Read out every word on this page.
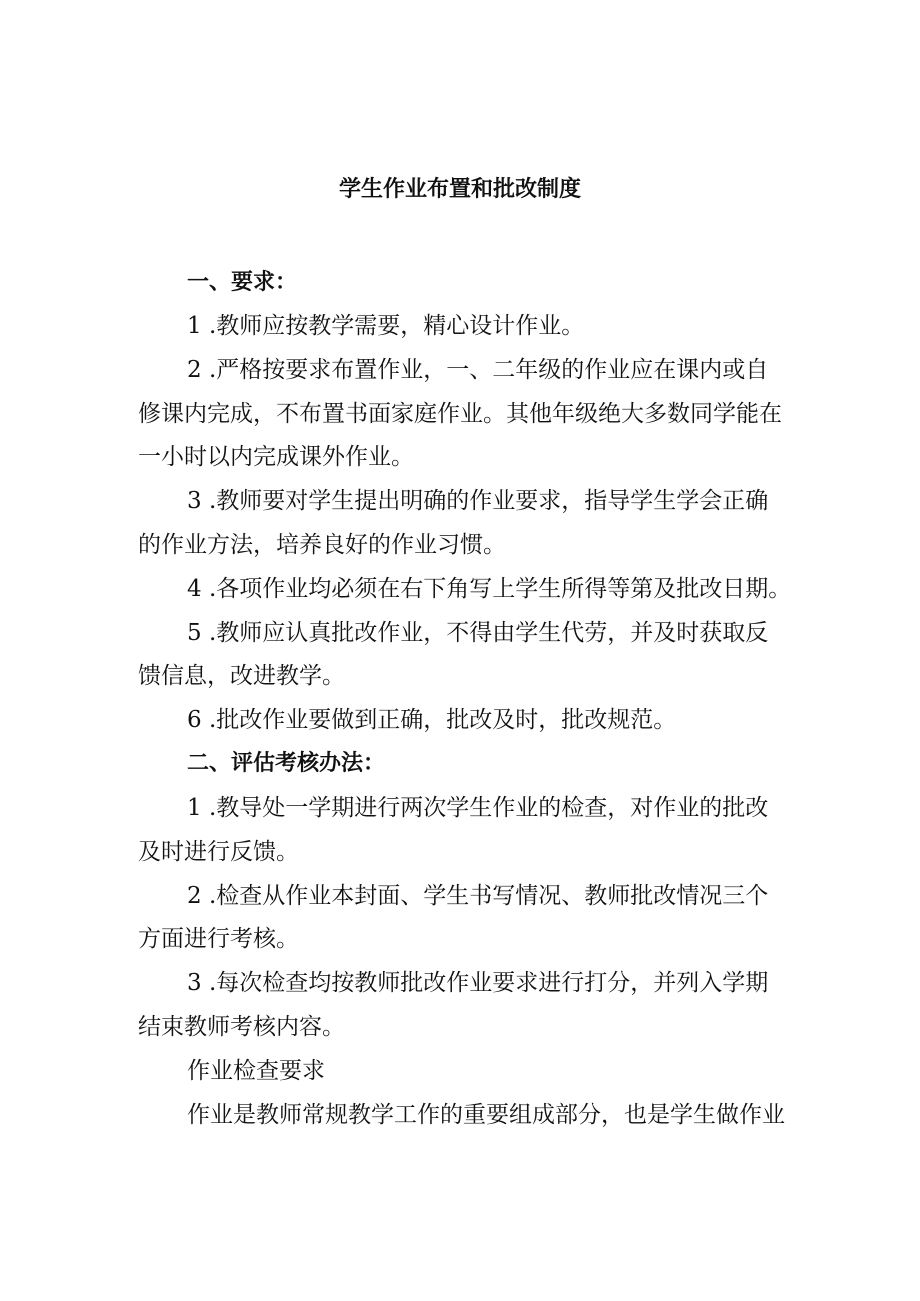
学生作业布置和批改制度
一、要求：
1 .教师应按教学需要，精心设计作业。
2 .严格按要求布置作业，一、二年级的作业应在课内或自
修课内完成，不布置书面家庭作业。其他年级绝大多数同学能在
一小时以内完成课外作业。
3 .教师要对学生提出明确的作业要求，指导学生学会正确
的作业方法，培养良好的作业习惯。
4 .各项作业均必须在右下角写上学生所得等第及批改日期。
5 .教师应认真批改作业，不得由学生代劳，并及时获取反
馈信息，改进教学。
6 .批改作业要做到正确，批改及时，批改规范。
二、评估考核办法：
1 .教导处一学期进行两次学生作业的检查，对作业的批改
及时进行反馈。
2 .检查从作业本封面、学生书写情况、教师批改情况三个
方面进行考核。
3 .每次检查均按教师批改作业要求进行打分，并列入学期
结束教师考核内容。
作业检查要求
作业是教师常规教学工作的重要组成部分，也是学生做作业
